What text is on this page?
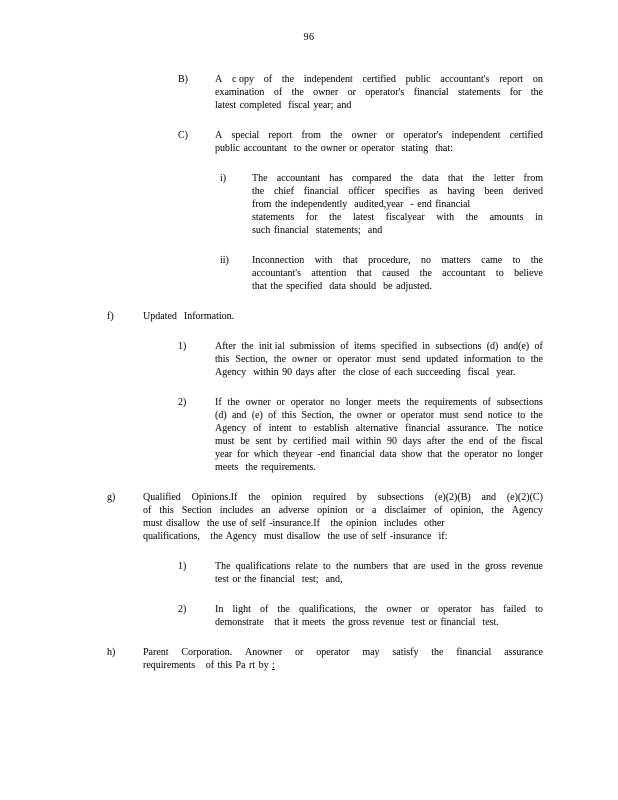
96
B)	A c opy of the independent certified public accountant's report on
examination of the owner or operator's financial statements for the
latest completed  fiscal year; and
C)	A special report from the owner or operator's independent certified
public accountant  to the owner or operator  stating  that:
i)	The accountant has compared the data that the letter from
the chief financial officer specifies as having been derived
from the independently  audited,year  - end financial
statements for the latest fiscalyear with the amounts in
such financial  statements;  and
ii)	Inconnection with that procedure, no matters came to the
accountant's attention that caused the accountant to believe
that the specified  data should  be adjusted.
f)	Updated  Information.
1)	After the init ial submission of items specified in subsections (d) and(e) of
this Section, the owner or operator must send updated information to the
Agency  within 90 days after  the close of each succeeding  fiscal  year.
2)	If the owner or operator no longer meets the requirements of subsections
(d) and (e) of this Section, the owner or operator must send notice to the
Agency of intent to establish alternative financial assurance. The notice
must be sent by certified mail within 90 days after the end of the fiscal
year for which theyear -end financial data show that the operator no longer
meets  the requirements.
g)	Qualified Opinions.If the opinion required by subsections (e)(2)(B) and (e)(2)(C)
of this Section includes an adverse opinion or a disclaimer of opinion, the Agency
must disallow  the use of self -insurance.If   the opinion  includes  other
qualifications,   the Agency  must disallow  the use of self -insurance  if:
1)	The qualifications relate to the numbers that are used in the gross revenue
test or the financial  test;  and,
2)	In light of the qualifications, the owner or operator has failed to
demonstrate   that it meets  the gross revenue  test or financial  test.
h)	Parent Corporation. Anowner or operator may satisfy the financial assurance
requirements   of this Pa rt by :
